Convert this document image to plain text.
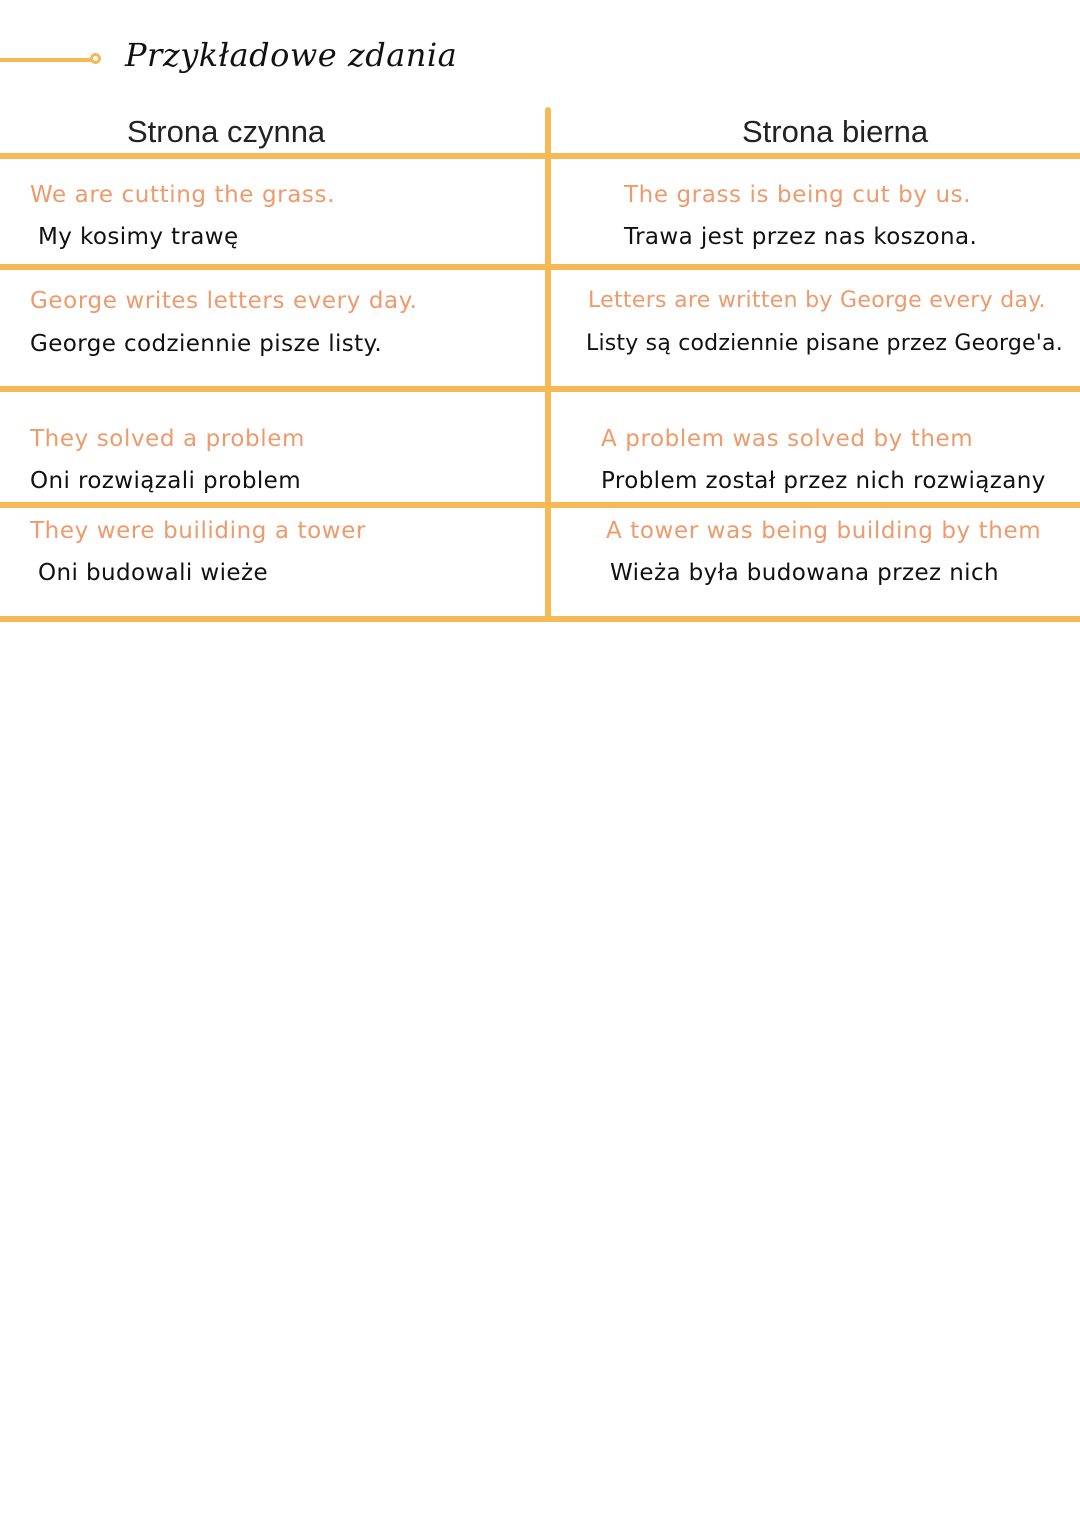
Przykładowe zdania
Strona czynna	Strona bierna
We are cutting the grass.
My kosimy trawę
The grass is being cut by us.
Trawa jest przez nas koszona.
George writes letters every day.
George codziennie pisze listy.
Letters are written by George every day.
Listy są codziennie pisane przez George'a.
They solved a problem
Oni rozwiązali problem
A problem was solved by them
Problem został przez nich rozwiązany
They were builiding a tower
Oni budowali wieże
A tower was being building by them
Wieża była budowana przez nich
